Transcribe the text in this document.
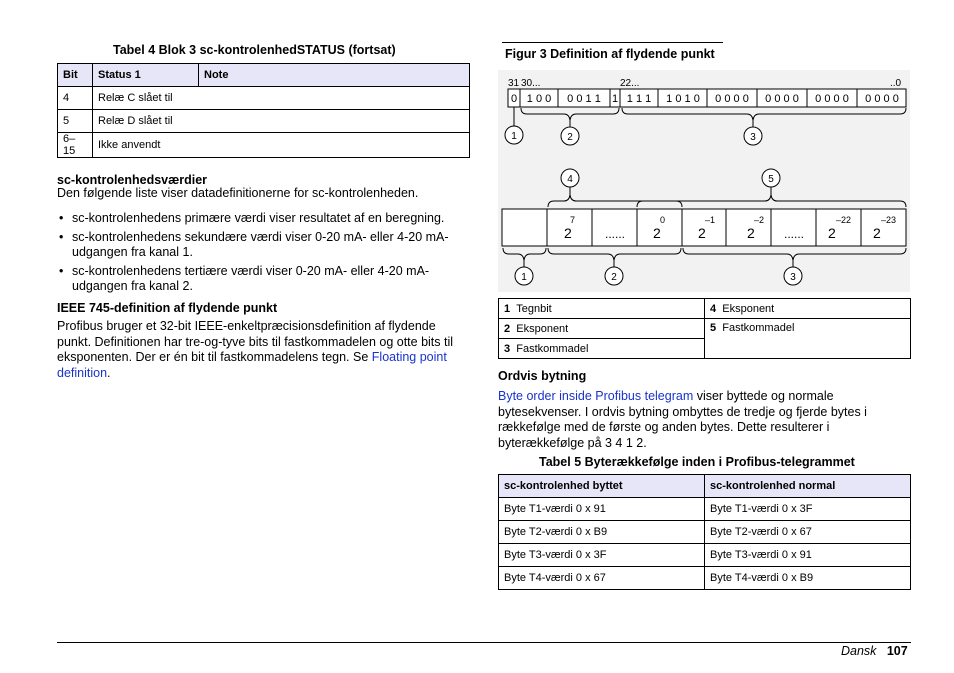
Tabel 4 Blok 3 sc-kontrolenhedSTATUS (fortsat)
Bit	Status 1	Note
4	Relæ C slået til	
5	Relæ D slået til	
6–15	Ikke anvendt	
sc-kontrolenhedsværdier
Den følgende liste viser datadefinitionerne for sc-kontrolenheden.
• sc-kontrolenhedens primære værdi viser resultatet af en beregning.
• sc-kontrolenhedens sekundære værdi viser 0-20 mA- eller 4-20 mA-udgangen fra kanal 1.
• sc-kontrolenhedens tertiære værdi viser 0-20 mA- eller 4-20 mA-udgangen fra kanal 2.
IEEE 745-definition af flydende punkt
Profibus bruger et 32-bit IEEE-enkeltpræcisionsdefinition af flydende punkt. Definitionen har tre-og-tyve bits til fastkommadelen og otte bits til eksponenten. Der er én bit til fastkommadelens tegn. Se Floating point definition.
Figur 3 Definition af flydende punkt
31 30...	22...	..0
0 1 0 0 0 0 1 1 1 1 1 1 1 0 1 0 0 0 0 0 0 0 0 0 0 0 0 0 0 0 0 0
1	2	3
4	5
2
7
...... 2
0
2
–1
2
–2
...... 2
–22
2
–23
1	2	3
1 Tegnbit	4 Eksponent
2 Eksponent	5 Fastkommadel
3 Fastkommadel	
Ordvis bytning
Byte order inside Profibus telegram viser byttede og normale bytesekvenser. I ordvis bytning ombyttes de tredje og fjerde bytes i rækkefølge med de første og anden bytes. Dette resulterer i byterækkefølge på 3 4 1 2.
Tabel 5 Byterækkefølge inden i Profibus-telegrammet
sc-kontrolenhed byttet	sc-kontrolenhed normal
Byte T1-værdi 0 x 91	Byte T1-værdi 0 x 3F
Byte T2-værdi 0 x B9	Byte T2-værdi 0 x 67
Byte T3-værdi 0 x 3F	Byte T3-værdi 0 x 91
Byte T4-værdi 0 x 67	Byte T4-værdi 0 x B9
Dansk 107
